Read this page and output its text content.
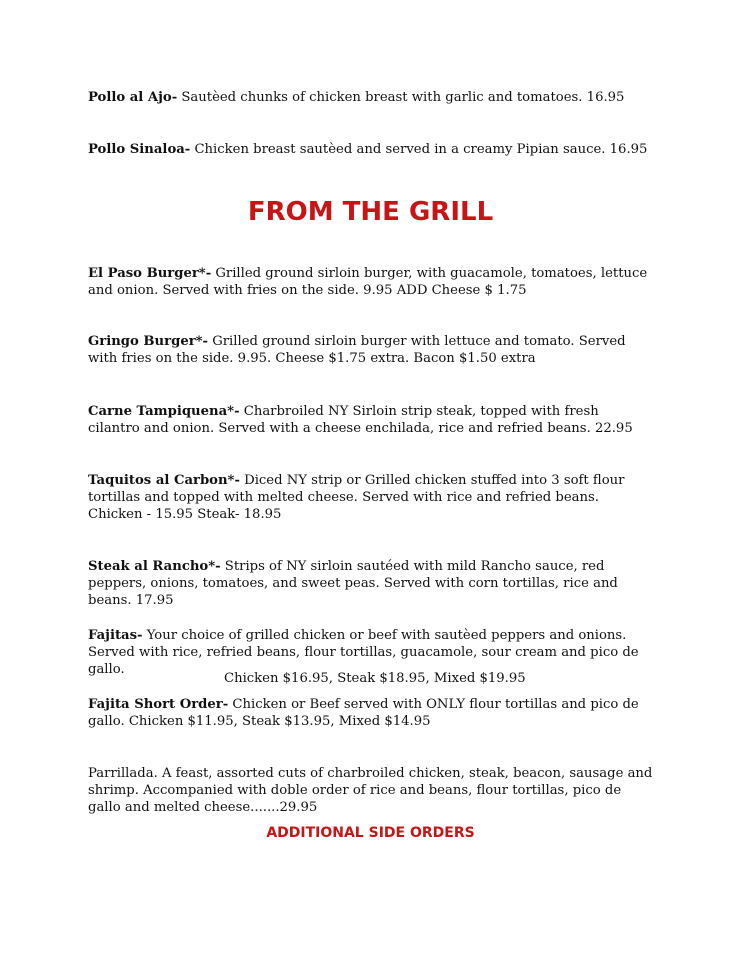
Pollo al Ajo- Sautèed chunks of chicken breast with garlic and tomatoes. 16.95
Pollo Sinaloa- Chicken breast sautèed and served in a creamy Pipian sauce. 16.95
FROM THE GRILL
El Paso Burger*- Grilled ground sirloin burger, with guacamole, tomatoes, lettuce and onion. Served with fries on the side. 9.95 ADD Cheese $ 1.75
Gringo Burger*- Grilled ground sirloin burger with lettuce and tomato. Served with fries on the side. 9.95. Cheese $1.75 extra. Bacon $1.50 extra
Carne Tampiquena*- Charbroiled NY Sirloin strip steak, topped with fresh cilantro and onion. Served with a cheese enchilada, rice and refried beans. 22.95
Taquitos al Carbon*- Diced NY strip or Grilled chicken stuffed into 3 soft flour tortillas and topped with melted cheese. Served with rice and refried beans. Chicken - 15.95 Steak- 18.95
Steak al Rancho*- Strips of NY sirloin sautéed with mild Rancho sauce, red peppers, onions, tomatoes, and sweet peas. Served with corn tortillas, rice and beans. 17.95
Fajitas- Your choice of grilled chicken or beef with sautèed peppers and onions. Served with rice, refried beans, flour tortillas, guacamole, sour cream and pico de gallo.
Chicken $16.95, Steak $18.95, Mixed $19.95
Fajita Short Order- Chicken or Beef served with ONLY flour tortillas and pico de gallo. Chicken $11.95, Steak $13.95, Mixed $14.95
Parrillada. A feast, assorted cuts of charbroiled chicken, steak, beacon, sausage and shrimp. Accompanied with doble order of rice and beans, flour tortillas, pico de gallo and melted cheese.......29.95
ADDITIONAL SIDE ORDERS
